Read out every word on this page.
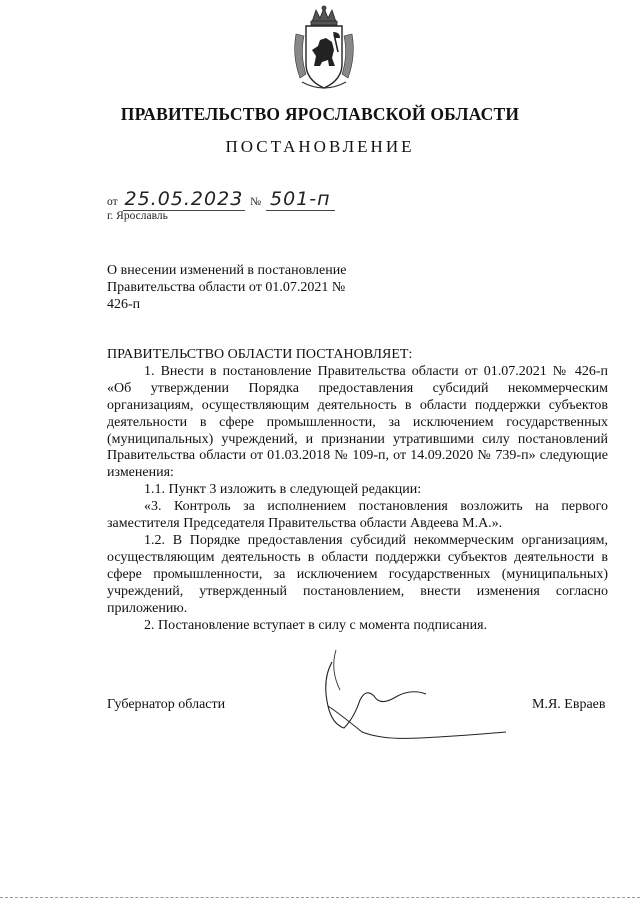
ПРАВИТЕЛЬСТВО ЯРОСЛАВСКОЙ ОБЛАСТИ
ПОСТАНОВЛЕНИЕ
от 25.05.2023 № 501-п
г. Ярославль
О внесении изменений в постановление Правительства области от 01.07.2021 № 426-п

ПРАВИТЕЛЬСТВО ОБЛАСТИ ПОСТАНОВЛЯЕТ:

1. Внести в постановление Правительства области от 01.07.2021 № 426-п «Об утверждении Порядка предоставления субсидий некоммерческим организациям, осуществляющим деятельность в области поддержки субъектов деятельности в сфере промышленности, за исключением государственных (муниципальных) учреждений, и признании утратившими силу постановлений Правительства области от 01.03.2018 № 109-п, от 14.09.2020 № 739-п» следующие изменения:

1.1. Пункт 3 изложить в следующей редакции:

«3. Контроль за исполнением постановления возложить на первого заместителя Председателя Правительства области Авдеева М.А.».

1.2. В Порядке предоставления субсидий некоммерческим организациям, осуществляющим деятельность в области поддержки субъектов деятельности в сфере промышленности, за исключением государственных (муниципальных) учреждений, утвержденный постановлением, внести изменения согласно приложению.

2. Постановление вступает в силу с момента подписания.

Губернатор области	М.Я. Евраев
